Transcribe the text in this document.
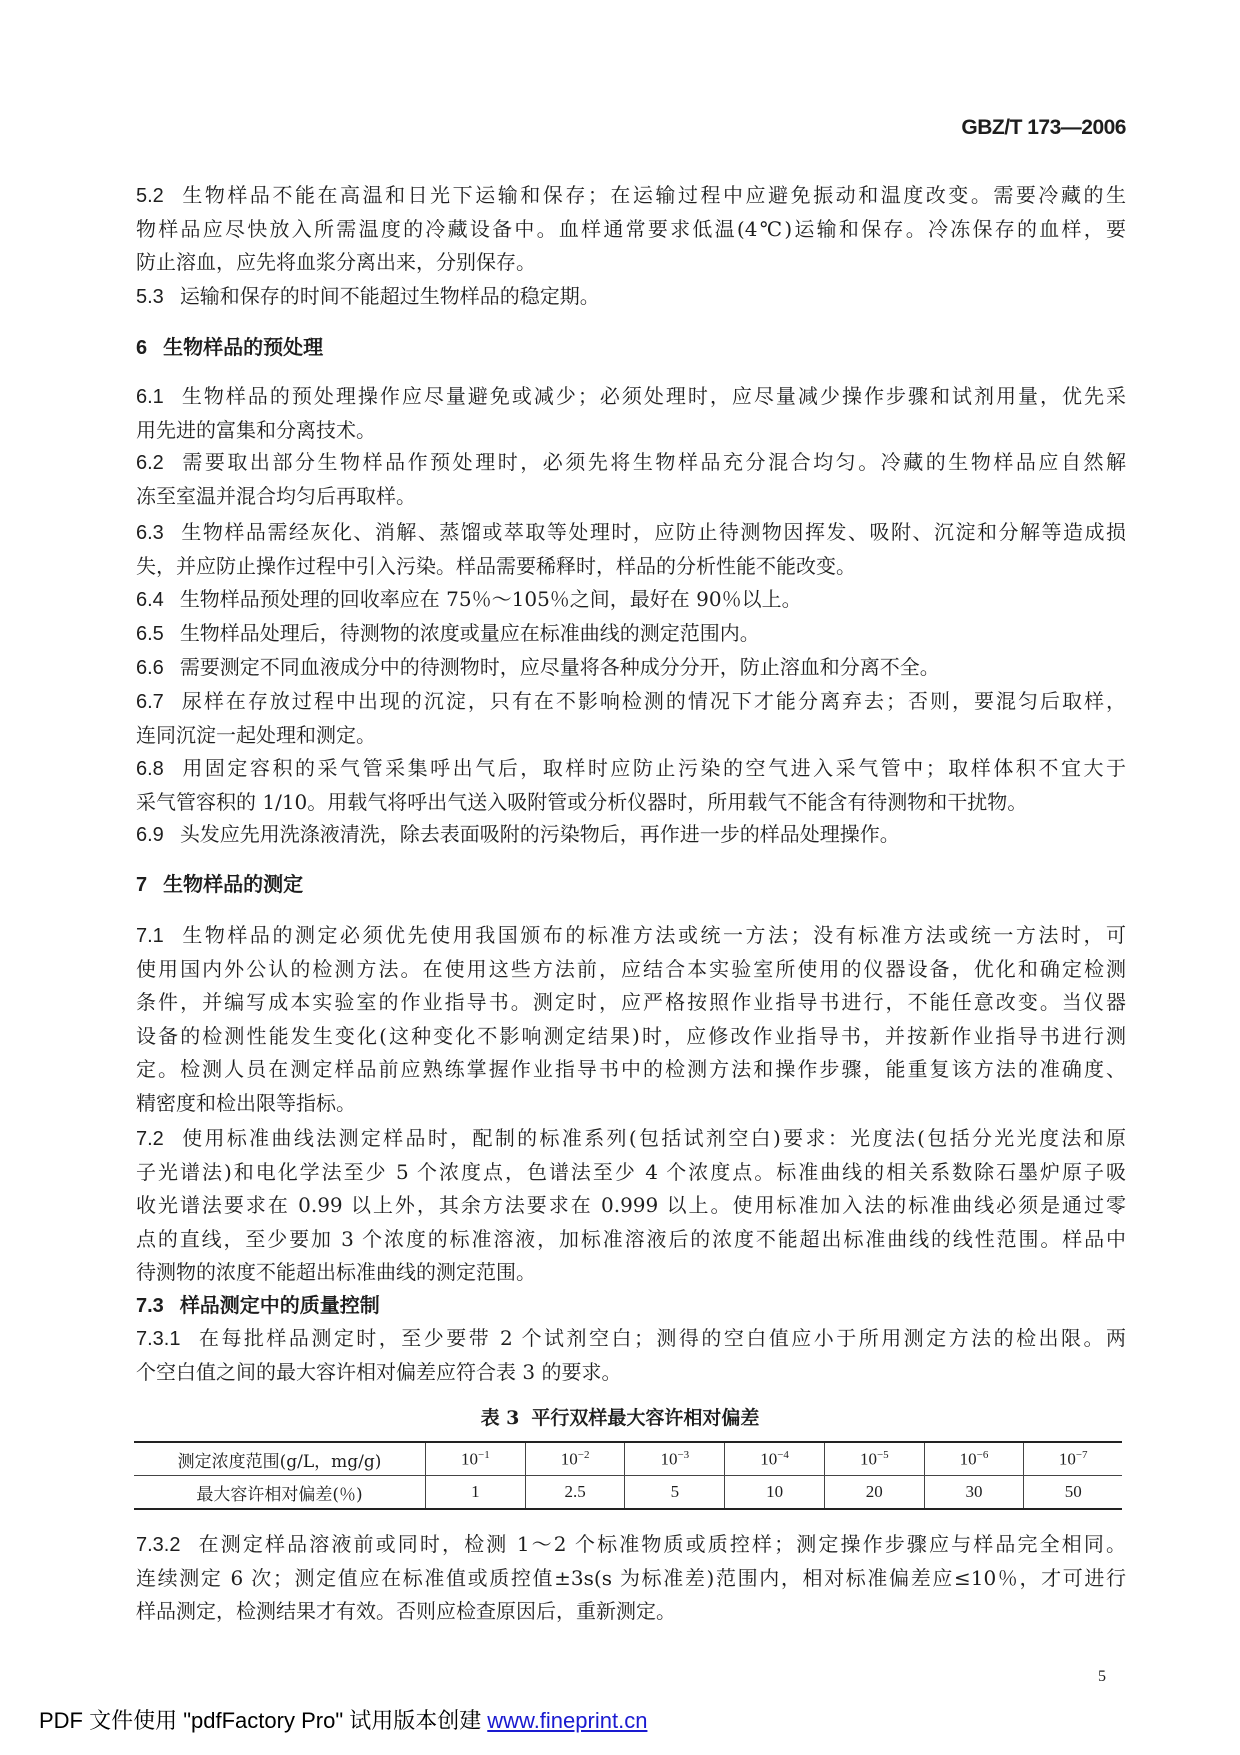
GBZ/T 173—2006
5.2 生物样品不能在高温和日光下运输和保存；在运输过程中应避免振动和温度改变。需要冷藏的生
物样品应尽快放入所需温度的冷藏设备中。血样通常要求低温(4℃)运输和保存。冷冻保存的血样，要
防止溶血，应先将血浆分离出来，分别保存。
5.3 运输和保存的时间不能超过生物样品的稳定期。
6 生物样品的预处理
6.1 生物样品的预处理操作应尽量避免或减少；必须处理时，应尽量减少操作步骤和试剂用量，优先采
用先进的富集和分离技术。
6.2 需要取出部分生物样品作预处理时，必须先将生物样品充分混合均匀。冷藏的生物样品应自然解
冻至室温并混合均匀后再取样。
6.3 生物样品需经灰化、消解、蒸馏或萃取等处理时，应防止待测物因挥发、吸附、沉淀和分解等造成损
失，并应防止操作过程中引入污染。样品需要稀释时，样品的分析性能不能改变。
6.4 生物样品预处理的回收率应在 75％～105％之间，最好在 90％以上。
6.5 生物样品处理后，待测物的浓度或量应在标准曲线的测定范围内。
6.6 需要测定不同血液成分中的待测物时，应尽量将各种成分分开，防止溶血和分离不全。
6.7 尿样在存放过程中出现的沉淀，只有在不影响检测的情况下才能分离弃去；否则，要混匀后取样，
连同沉淀一起处理和测定。
6.8 用固定容积的采气管采集呼出气后，取样时应防止污染的空气进入采气管中；取样体积不宜大于
采气管容积的 1/10。用载气将呼出气送入吸附管或分析仪器时，所用载气不能含有待测物和干扰物。
6.9 头发应先用洗涤液清洗，除去表面吸附的污染物后，再作进一步的样品处理操作。
7 生物样品的测定
7.1 生物样品的测定必须优先使用我国颁布的标准方法或统一方法；没有标准方法或统一方法时，可
使用国内外公认的检测方法。在使用这些方法前，应结合本实验室所使用的仪器设备，优化和确定检测
条件，并编写成本实验室的作业指导书。测定时，应严格按照作业指导书进行，不能任意改变。当仪器
设备的检测性能发生变化(这种变化不影响测定结果)时，应修改作业指导书，并按新作业指导书进行测
定。检测人员在测定样品前应熟练掌握作业指导书中的检测方法和操作步骤，能重复该方法的准确度、
精密度和检出限等指标。
7.2 使用标准曲线法测定样品时，配制的标准系列(包括试剂空白)要求：光度法(包括分光光度法和原
子光谱法)和电化学法至少 5 个浓度点，色谱法至少 4 个浓度点。标准曲线的相关系数除石墨炉原子吸
收光谱法要求在 0.99 以上外，其余方法要求在 0.999 以上。使用标准加入法的标准曲线必须是通过零
点的直线，至少要加 3 个浓度的标准溶液，加标准溶液后的浓度不能超出标准曲线的线性范围。样品中
待测物的浓度不能超出标准曲线的测定范围。
7.3 样品测定中的质量控制
7.3.1 在每批样品测定时，至少要带 2 个试剂空白；测得的空白值应小于所用测定方法的检出限。两
个空白值之间的最大容许相对偏差应符合表 3 的要求。
7.3.2 在测定样品溶液前或同时，检测 1～2 个标准物质或质控样；测定操作步骤应与样品完全相同。
连续测定 6 次；测定值应在标准值或质控值±3s(s 为标准差)范围内，相对标准偏差应≤10％，才可进行
样品测定，检测结果才有效。否则应检查原因后，重新测定。
表 3 平行双样最大容许相对偏差
测定浓度范围(g/L，mg/g)	$10^{-1}$	$10^{-2}$	$10^{-3}$	$10^{-4}$	$10^{-5}$	$10^{-6}$	$10^{-7}$
最大容许相对偏差(％)	1	2.5	5	10	20	30	50
5
PDF 文件使用 "pdfFactory Pro" 试用版本创建 www.fineprint.cn
